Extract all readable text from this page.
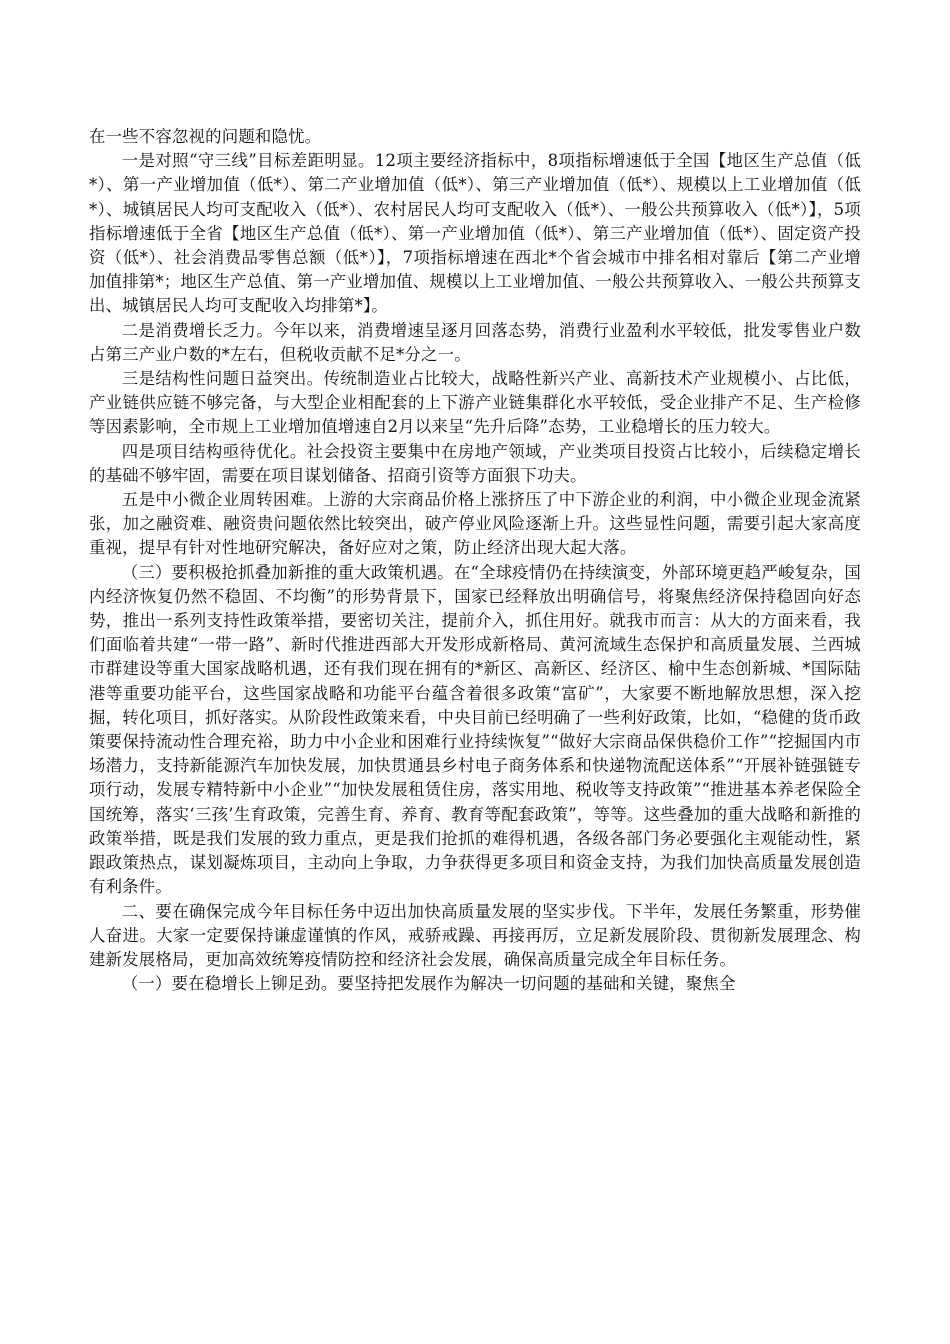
在一些不容忽视的问题和隐忧。

一是对照“守三线”目标差距明显。12项主要经济指标中，8项指标增速低于全国【地区生产总值（低*）、第一产业增加值（低*）、第二产业增加值（低*）、第三产业增加值（低*）、规模以上工业增加值（低*）、城镇居民人均可支配收入（低*）、农村居民人均可支配收入（低*）、一般公共预算收入（低*）】，5项指标增速低于全省【地区生产总值（低*）、第一产业增加值（低*）、第三产业增加值（低*）、固定资产投资（低*）、社会消费品零售总额（低*）】，7项指标增速在西北*个省会城市中排名相对靠后【第二产业增加值排第*；地区生产总值、第一产业增加值、规模以上工业增加值、一般公共预算收入、一般公共预算支出、城镇居民人均可支配收入均排第*】。

二是消费增长乏力。今年以来，消费增速呈逐月回落态势，消费行业盈利水平较低，批发零售业户数占第三产业户数的*左右，但税收贡献不足*分之一。

三是结构性问题日益突出。传统制造业占比较大，战略性新兴产业、高新技术产业规模小、占比低，产业链供应链不够完备，与大型企业相配套的上下游产业链集群化水平较低，受企业排产不足、生产检修等因素影响，全市规上工业增加值增速自2月以来呈“先升后降”态势，工业稳增长的压力较大。

四是项目结构亟待优化。社会投资主要集中在房地产领域，产业类项目投资占比较小，后续稳定增长的基础不够牢固，需要在项目谋划储备、招商引资等方面狠下功夫。

五是中小微企业周转困难。上游的大宗商品价格上涨挤压了中下游企业的利润，中小微企业现金流紧张，加之融资难、融资贵问题依然比较突出，破产停业风险逐渐上升。这些显性问题，需要引起大家高度重视，提早有针对性地研究解决，备好应对之策，防止经济出现大起大落。

（三）要积极抢抓叠加新推的重大政策机遇。在“全球疫情仍在持续演变，外部环境更趋严峻复杂，国内经济恢复仍然不稳固、不均衡”的形势背景下，国家已经释放出明确信号，将聚焦经济保持稳固向好态势，推出一系列支持性政策举措，要密切关注，提前介入，抓住用好。就我市而言：从大的方面来看，我们面临着共建“一带一路”、新时代推进西部大开发形成新格局、黄河流域生态保护和高质量发展、兰西城市群建设等重大国家战略机遇，还有我们现在拥有的*新区、高新区、经济区、榆中生态创新城、*国际陆港等重要功能平台，这些国家战略和功能平台蕴含着很多政策“富矿”，大家要不断地解放思想，深入挖掘，转化项目，抓好落实。从阶段性政策来看，中央目前已经明确了一些利好政策，比如，“稳健的货币政策要保持流动性合理充裕，助力中小企业和困难行业持续恢复”“做好大宗商品保供稳价工作”“挖掘国内市场潜力，支持新能源汽车加快发展，加快贯通县乡村电子商务体系和快递物流配送体系”“开展补链强链专项行动，发展专精特新中小企业”“加快发展租赁住房，落实用地、税收等支持政策”“推进基本养老保险全国统筹，落实‘三孩’生育政策，完善生育、养育、教育等配套政策”，等等。这些叠加的重大战略和新推的政策举措，既是我们发展的致力重点，更是我们抢抓的难得机遇，各级各部门务必要强化主观能动性，紧跟政策热点，谋划凝炼项目，主动向上争取，力争获得更多项目和资金支持，为我们加快高质量发展创造有利条件。

二、要在确保完成今年目标任务中迈出加快高质量发展的坚实步伐。下半年，发展任务繁重，形势催人奋进。大家一定要保持谦虚谨慎的作风，戒骄戒躁、再接再厉，立足新发展阶段、贯彻新发展理念、构建新发展格局，更加高效统筹疫情防控和经济社会发展，确保高质量完成全年目标任务。

（一）要在稳增长上铆足劲。要坚持把发展作为解决一切问题的基础和关键，聚焦全
